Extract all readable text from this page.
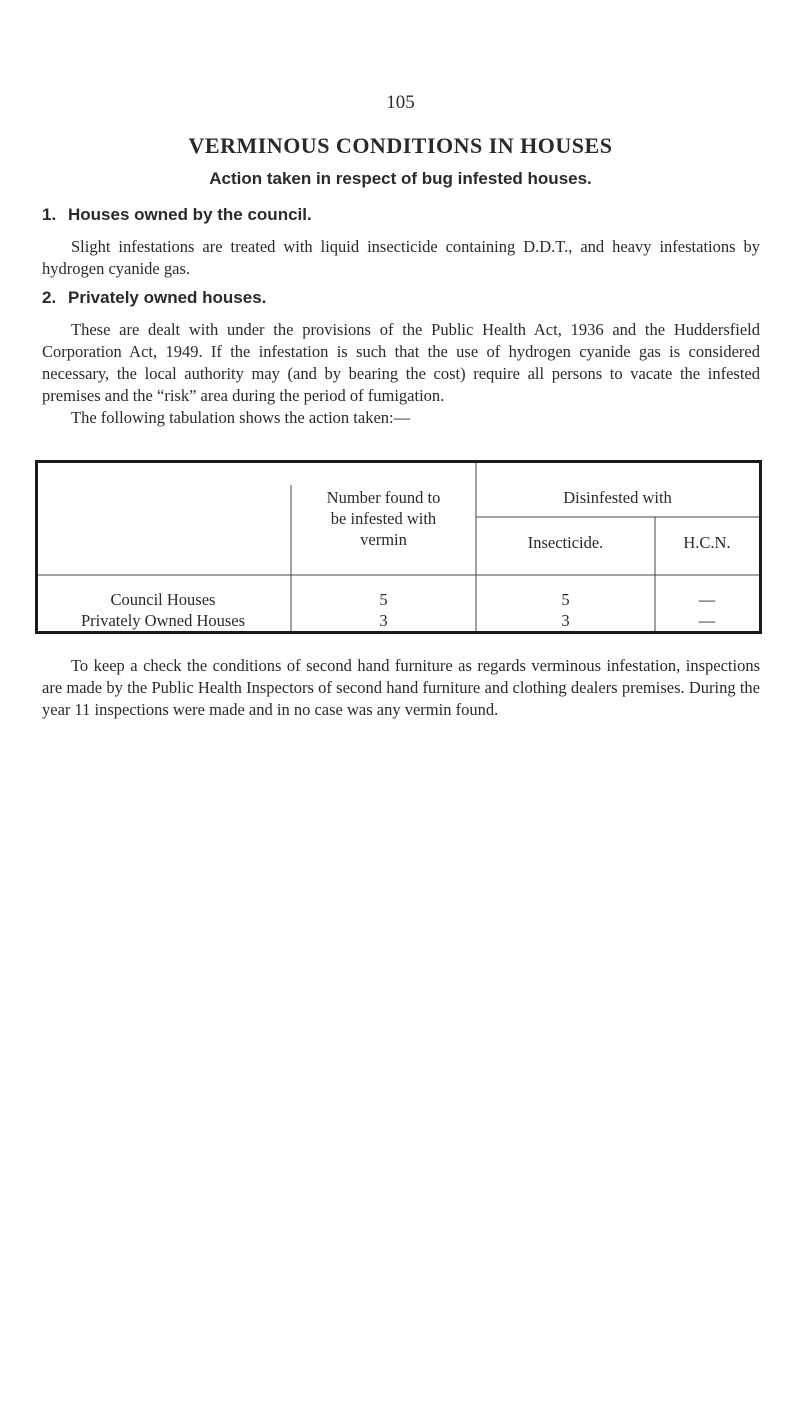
105
VERMINOUS CONDITIONS IN HOUSES
Action taken in respect of bug infested houses.
1. Houses owned by the council.

Slight infestations are treated with liquid insecticide containing D.D.T., and heavy infestations by hydrogen cyanide gas.

2. Privately owned houses.

These are dealt with under the provisions of the Public Health Act, 1936 and the Huddersfield Corporation Act, 1949. If the infestation is such that the use of hydrogen cyanide gas is considered necessary, the local authority may (and by bearing the cost) require all persons to vacate the infested premises and the “risk” area during the period of fumigation.

The following tabulation shows the action taken:—

Number found to
be infested with
vermin
Disinfested with
Insecticide.	H.C.N.
Council Houses	5	5	—
Privately Owned Houses	3	3	—

To keep a check the conditions of second hand furniture as regards verminous infestation, inspections are made by the Public Health Inspectors of second hand furniture and clothing dealers premises. During the year 11 inspections were made and in no case was any vermin found.
